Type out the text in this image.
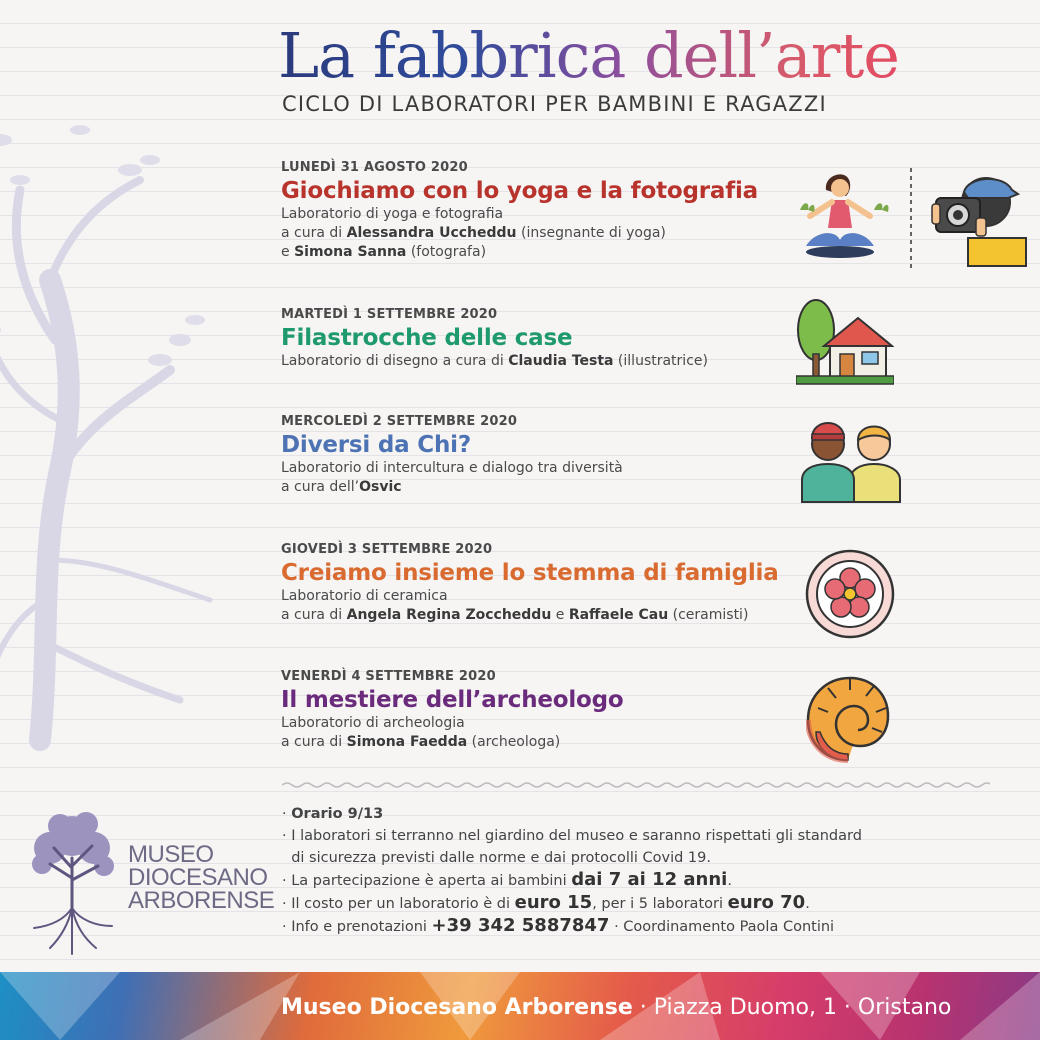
La fabbrica dell’arte
CICLO DI LABORATORI PER BAMBINI E RAGAZZI
LUNEDÌ 31 AGOSTO 2020
Giochiamo con lo yoga e la fotografia
Laboratorio di yoga e fotografia
a cura di Alessandra Uccheddu (insegnante di yoga)
e Simona Sanna (fotografa)
MARTEDÌ 1 SETTEMBRE 2020
Filastrocche delle case
Laboratorio di disegno a cura di Claudia Testa (illustratrice)
MERCOLEDÌ 2 SETTEMBRE 2020
Diversi da Chi?
Laboratorio di intercultura e dialogo tra diversità
a cura dell’Osvic
GIOVEDÌ 3 SETTEMBRE 2020
Creiamo insieme lo stemma di famiglia
Laboratorio di ceramica
a cura di Angela Regina Zoccheddu e Raffaele Cau (ceramisti)
VENERDÌ 4 SETTEMBRE 2020
Il mestiere dell’archeologo
Laboratorio di archeologia
a cura di Simona Faedda (archeologa)

· Orario 9/13

· I laboratori si terranno nel giardino del museo e saranno rispettati gli standard

di sicurezza previsti dalle norme e dai protocolli Covid 19.

· La partecipazione è aperta ai bambini dai 7 ai 12 anni.

· Il costo per un laboratorio è di euro 15, per i 5 laboratori euro 70.

· Info e prenotazioni +39 342 5887847 · Coordinamento Paola Contini

MUSEO
DIOCESANO
ARBORENSE
Museo Diocesano Arborense · Piazza Duomo, 1 · Oristano
